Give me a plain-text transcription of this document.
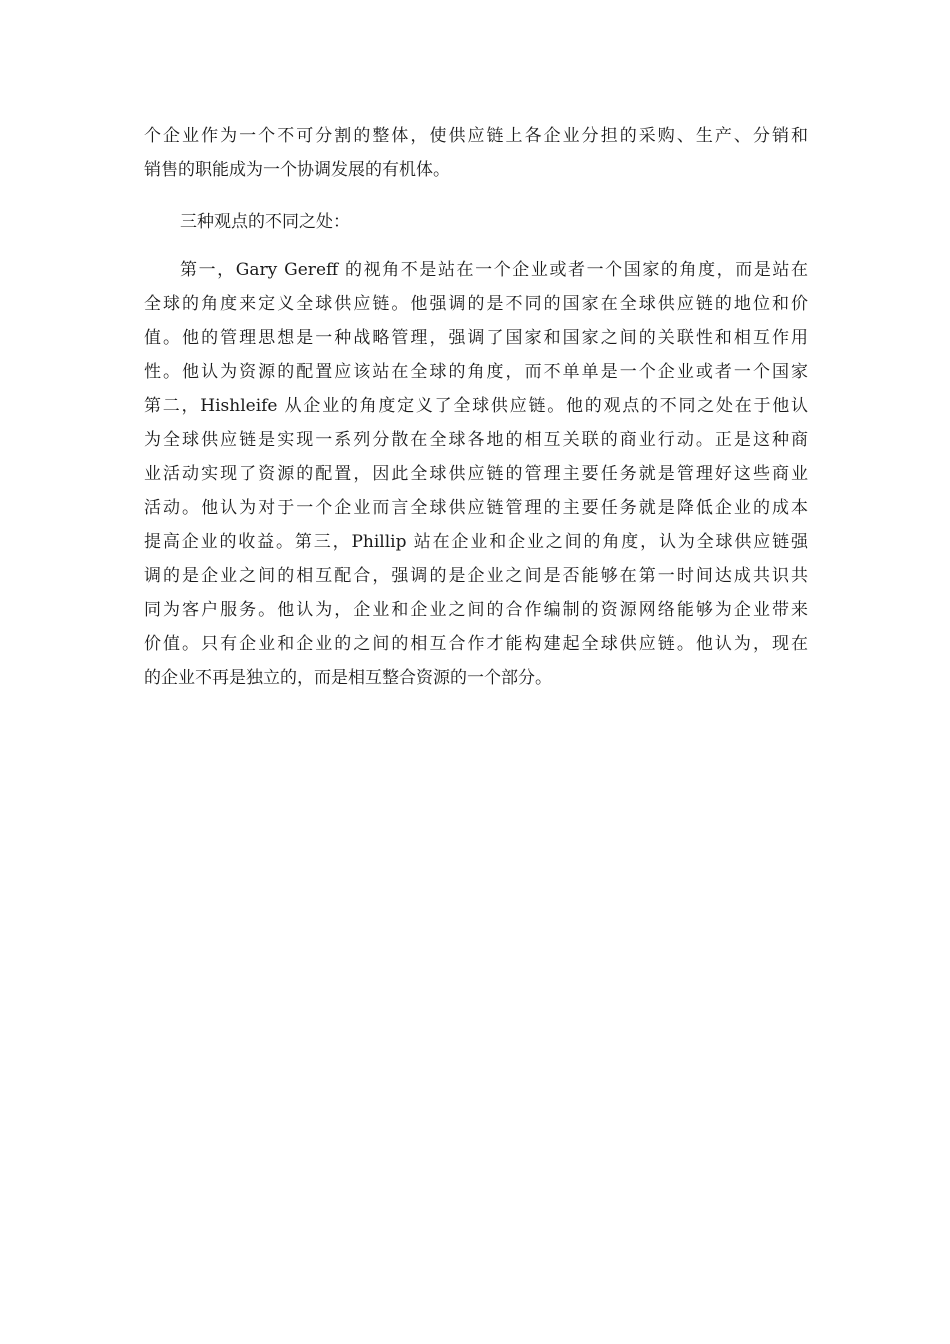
个企业作为一个不可分割的整体，使供应链上各企业分担的采购、生产、分销和
销售的职能成为一个协调发展的有机体。
三种观点的不同之处：
第一，Gary Gereff 的视角不是站在一个企业或者一个国家的角度，而是站在
全球的角度来定义全球供应链。他强调的是不同的国家在全球供应链的地位和价
值。他的管理思想是一种战略管理，强调了国家和国家之间的关联性和相互作用
性。他认为资源的配置应该站在全球的角度，而不单单是一个企业或者一个国家
第二，Hishleife 从企业的角度定义了全球供应链。他的观点的不同之处在于他认
为全球供应链是实现一系列分散在全球各地的相互关联的商业行动。正是这种商
业活动实现了资源的配置，因此全球供应链的管理主要任务就是管理好这些商业
活动。他认为对于一个企业而言全球供应链管理的主要任务就是降低企业的成本
提高企业的收益。第三，Phillip 站在企业和企业之间的角度，认为全球供应链强
调的是企业之间的相互配合，强调的是企业之间是否能够在第一时间达成共识共
同为客户服务。他认为，企业和企业之间的合作编制的资源网络能够为企业带来
价值。只有企业和企业的之间的相互合作才能构建起全球供应链。他认为，现在
的企业不再是独立的，而是相互整合资源的一个部分。
